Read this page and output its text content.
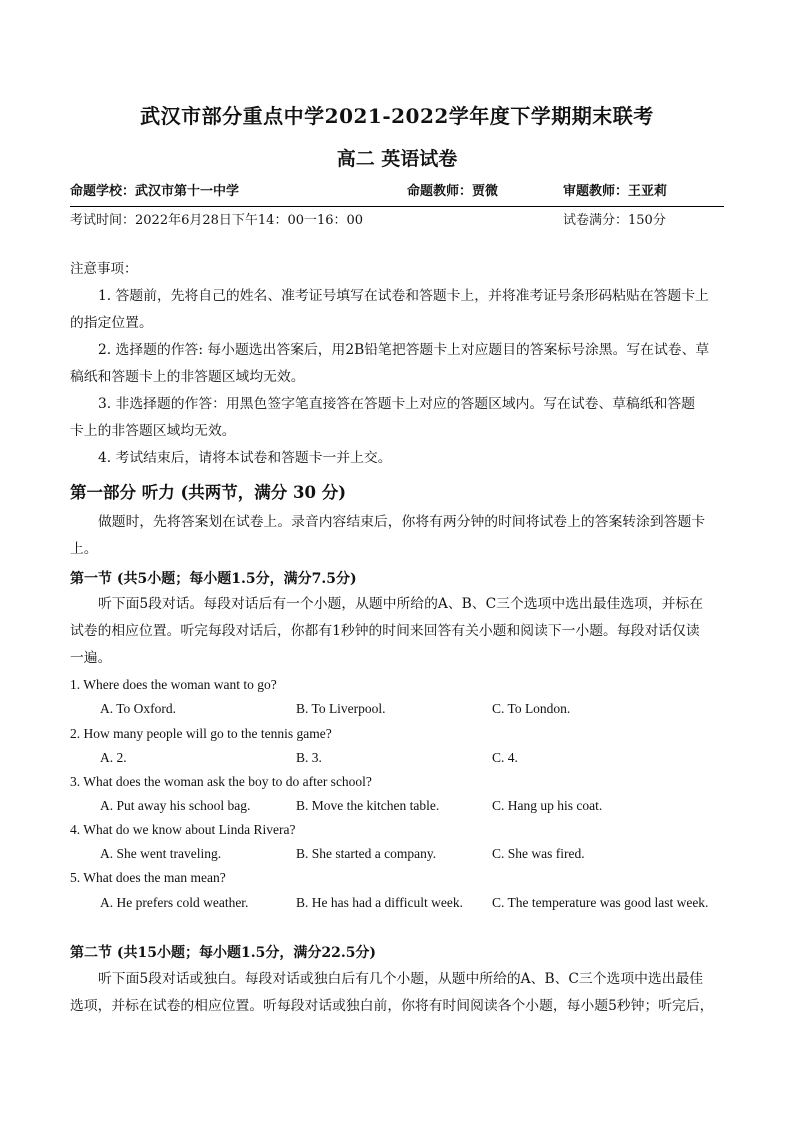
武汉市部分重点中学2021-2022学年度下学期期末联考
高二 英语试卷
命题学校：武汉市第十一中学	命题教师：贾微	审题教师：王亚莉
考试时间：2022年6月28日下午14：00一16：00	试卷满分：150分
注意事项：
1. 答题前，先将自己的姓名、准考证号填写在试卷和答题卡上，并将准考证号条形码粘贴在答题卡上
的指定位置。
2. 选择题的作答: 每小题选出答案后，用2B铅笔把答题卡上对应题目的答案标号涂黑。写在试卷、草
稿纸和答题卡上的非答题区域均无效。
3. 非选择题的作答：用黑色签字笔直接答在答题卡上对应的答题区域内。写在试卷、草稿纸和答题
卡上的非答题区域均无效。
4. 考试结束后，请将本试卷和答题卡一并上交。
第一部分 听力 (共两节，满分 30 分)
做题时，先将答案划在试卷上。录音内容结束后，你将有两分钟的时间将试卷上的答案转涂到答题卡
上。
第一节 (共5小题；每小题1.5分，满分7.5分)
听下面5段对话。每段对话后有一个小题，从题中所给的A、B、C三个选项中选出最佳选项，并标在
试卷的相应位置。听完每段对话后，你都有1秒钟的时间来回答有关小题和阅读下一小题。每段对话仅读
一遍。
1. Where does the woman want to go?
A. To Oxford.	B. To Liverpool.	C. To London.
2. How many people will go to the tennis game?
A. 2.	B. 3.	C. 4.
3. What does the woman ask the boy to do after school?
A. Put away his school bag.	B. Move the kitchen table.	C. Hang up his coat.
4. What do we know about Linda Rivera?
A. She went traveling.	B. She started a company.	C. She was fired.
5. What does the man mean?
A. He prefers cold weather.	B. He has had a difficult week. C. The temperature was good last week.
第二节 (共15小题；每小题1.5分，满分22.5分)
听下面5段对话或独白。每段对话或独白后有几个小题，从题中所给的A、B、C三个选项中选出最佳
选项，并标在试卷的相应位置。听每段对话或独白前，你将有时间阅读各个小题，每小题5秒钟；听完后，
